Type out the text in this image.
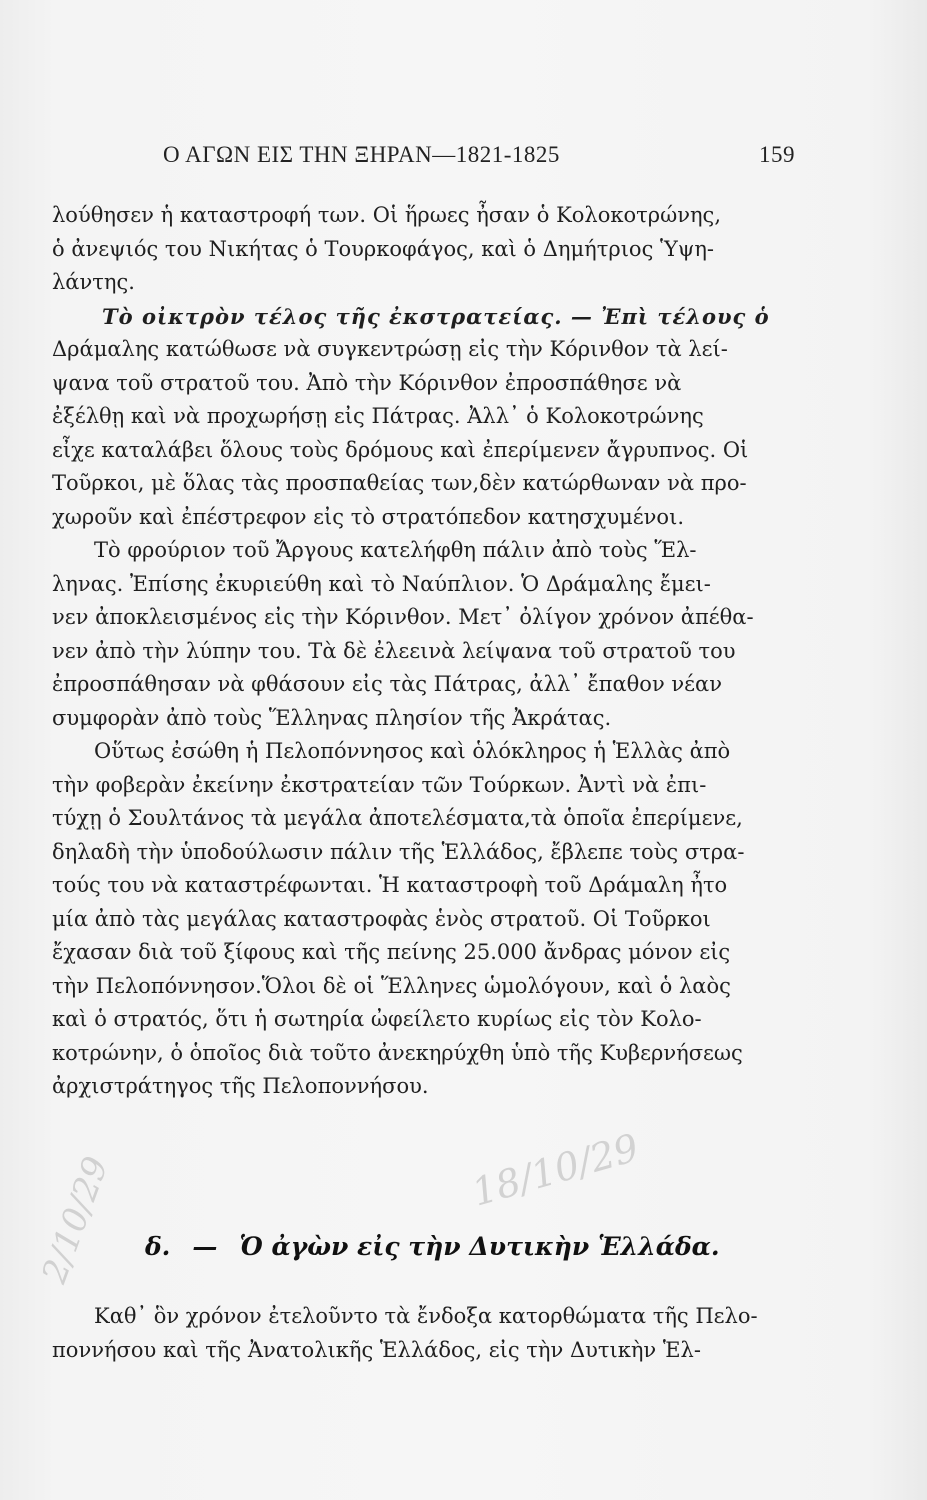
Ο ΑΓΩΝ ΕΙΣ ΤΗΝ ΞΗΡΑΝ—1821-1825	159
λούθησεν ἡ καταστροφή των. Οἱ ἥρωες ἦσαν ὁ Κολοκοτρώνης,
ὁ ἀνεψιός του Νικήτας ὁ Τουρκοφάγος, καὶ ὁ Δημήτριος Ὑψη-
λάντης.
Τὸ οἰκτρὸν τέλος τῆς ἐκστρατείας. — Ἐπὶ τέλους ὁ
Δράμαλης κατώθωσε νὰ συγκεντρώσῃ εἰς τὴν Κόρινθον τὰ λεί-
ψανα τοῦ στρατοῦ του. Ἀπὸ τὴν Κόρινθον ἐπροσπάθησε νὰ
ἐξέλθῃ καὶ νὰ προχωρήσῃ εἰς Πάτρας. Ἀλλ᾿ ὁ Κολοκοτρώνης
εἶχε καταλάβει ὅλους τοὺς δρόμους καὶ ἐπερίμενεν ἄγρυπνος. Οἱ
Τοῦρκοι, μὲ ὅλας τὰς προσπαθείας των,δὲν κατώρθωναν νὰ προ-
χωροῦν καὶ ἐπέστρεφον εἰς τὸ στρατόπεδον κατησχυμένοι.
Τὸ φρούριον τοῦ Ἄργους κατελήφθη πάλιν ἀπὸ τοὺς Ἕλ-
ληνας. Ἐπίσης ἐκυριεύθη καὶ τὸ Ναύπλιον. Ὁ Δράμαλης ἔμει-
νεν ἀποκλεισμένος εἰς τὴν Κόρινθον. Μετ᾿ ὀλίγον χρόνον ἀπέθα-
νεν ἀπὸ τὴν λύπην του. Τὰ δὲ ἐλεεινὰ λείψανα τοῦ στρατοῦ του
ἐπροσπάθησαν νὰ φθάσουν εἰς τὰς Πάτρας, ἀλλ᾿ ἔπαθον νέαν
συμφορὰν ἀπὸ τοὺς Ἕλληνας πλησίον τῆς Ἀκράτας.
Οὕτως ἐσώθη ἡ Πελοπόννησος καὶ ὁλόκληρος ἡ Ἑλλὰς ἀπὸ
τὴν φοβερὰν ἐκείνην ἐκστρατείαν τῶν Τούρκων. Ἀντὶ νὰ ἐπι-
τύχῃ ὁ Σουλτάνος τὰ μεγάλα ἀποτελέσματα,τὰ ὁποῖα ἐπερίμενε,
δηλαδὴ τὴν ὑποδούλωσιν πάλιν τῆς Ἑλλάδος, ἔβλεπε τοὺς στρα-
τούς του νὰ καταστρέφωνται. Ἡ καταστροφὴ τοῦ Δράμαλη ἦτο
μία ἀπὸ τὰς μεγάλας καταστροφὰς ἑνὸς στρατοῦ. Οἱ Τοῦρκοι
ἔχασαν διὰ τοῦ ξίφους καὶ τῆς πείνης 25.000 ἄνδρας μόνον εἰς
τὴν Πελοπόννησον.Ὅλοι δὲ οἱ Ἕλληνες ὡμολόγουν, καὶ ὁ λαὸς
καὶ ὁ στρατός, ὅτι ἡ σωτηρία ὠφείλετο κυρίως εἰς τὸν Κολο-
κοτρώνην, ὁ ὁποῖος διὰ τοῦτο ἀνεκηρύχθη ὑπὸ τῆς Κυβερνήσεως
ἀρχιστράτηγος τῆς Πελοποννήσου.
18/10/29
2/10/29 δ. — Ὁ ἀγὼν εἰς τὴν Δυτικὴν Ἑλλάδα.
Καθ᾿ ὃν χρόνον ἐτελοῦντο τὰ ἔνδοξα κατορθώματα τῆς Πελο-
ποννήσου καὶ τῆς Ἀνατολικῆς Ἑλλάδος, εἰς τὴν Δυτικὴν Ἑλ-
